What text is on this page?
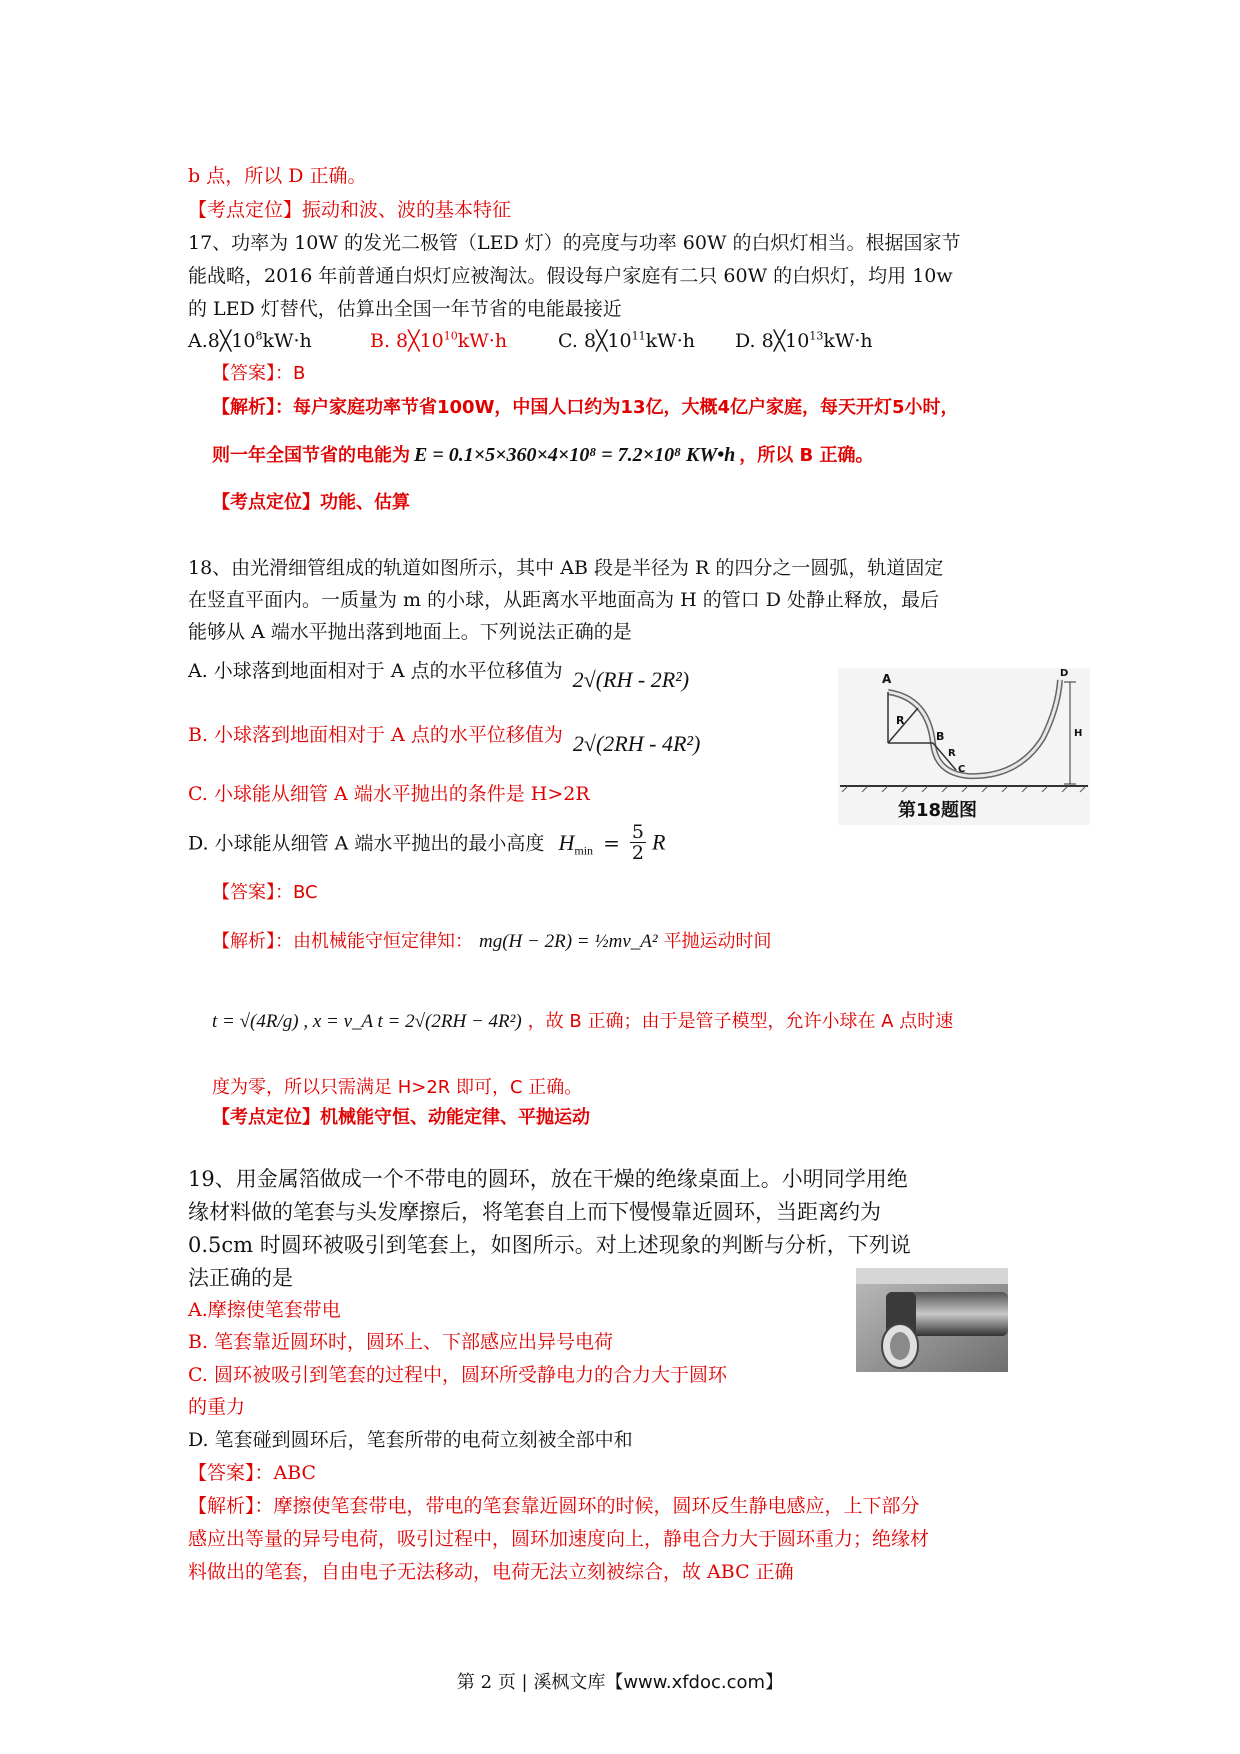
b 点，所以 D 正确。
【考点定位】振动和波、波的基本特征
17、功率为 10W 的发光二极管（LED 灯）的亮度与功率 60W 的白炽灯相当。根据国家节
能战略，2016 年前普通白炽灯应被淘汰。假设每户家庭有二只 60W 的白炽灯，均用 10w
的 LED 灯替代，估算出全国一年节省的电能最接近
$A.8╳10^8kW\cdot h$	B. $8╳10^{10}kW\cdot h$	C. $8╳10^{11}kW\cdot h$ D. $8╳10^{13}kW\cdot h$
【答案】：B
【解析】：每户家庭功率节省100W，中国人口约为13亿，大概4亿户家庭，每天开灯5小时，
则一年全国节省的电能为 E = 0.1×5×360×4×10⁸ = 7.2×10⁸ KW•h ，所以 B 正确。
【考点定位】功能、估算
18、由光滑细管组成的轨道如图所示，其中 AB 段是半径为 R 的四分之一圆弧，轨道固定
在竖直平面内。一质量为 m 的小球，从距离水平地面高为 H 的管口 D 处静止释放，最后
能够从 A 端水平抛出落到地面上。下列说法正确的是
A. 小球落到地面相对于 A 点的水平位移值为 2√(RH - 2R²)
B. 小球落到地面相对于 A 点的水平位移值为 2√(2RH - 4R²)
C. 小球能从细管 A 端水平抛出的条件是 H>2R
D. 小球能从细管 A 端水平抛出的最小高度 $H_{min} = \frac{5}{2}$ R
A
R
B
C
D
H
R
第18题图
【答案】：BC
【解析】：由机械能守恒定律知： mg(H − 2R) = ½mv_A² 平抛运动时间
t = √(4R/g) , x = v_A t = 2√(2RH − 4R²) ，故 B 正确；由于是管子模型，允许小球在 A 点时速
度为零，所以只需满足 H>2R 即可，C 正确。
【考点定位】机械能守恒、动能定律、平抛运动
19、用金属箔做成一个不带电的圆环，放在干燥的绝缘桌面上。小明同学用绝
缘材料做的笔套与头发摩擦后，将笔套自上而下慢慢靠近圆环，当距离约为
0.5cm 时圆环被吸引到笔套上，如图所示。对上述现象的判断与分析，下列说
法正确的是
A.摩擦使笔套带电
B. 笔套靠近圆环时，圆环上、下部感应出异号电荷
C. 圆环被吸引到笔套的过程中，圆环所受静电力的合力大于圆环
的重力
D. 笔套碰到圆环后，笔套所带的电荷立刻被全部中和
【答案】：ABC
【解析】：摩擦使笔套带电，带电的笔套靠近圆环的时候，圆环反生静电感应，上下部分
感应出等量的异号电荷，吸引过程中，圆环加速度向上，静电合力大于圆环重力；绝缘材
料做出的笔套，自由电子无法移动，电荷无法立刻被综合，故 ABC 正确
第 2 页 | 溪枫文库【www.xfdoc.com】
